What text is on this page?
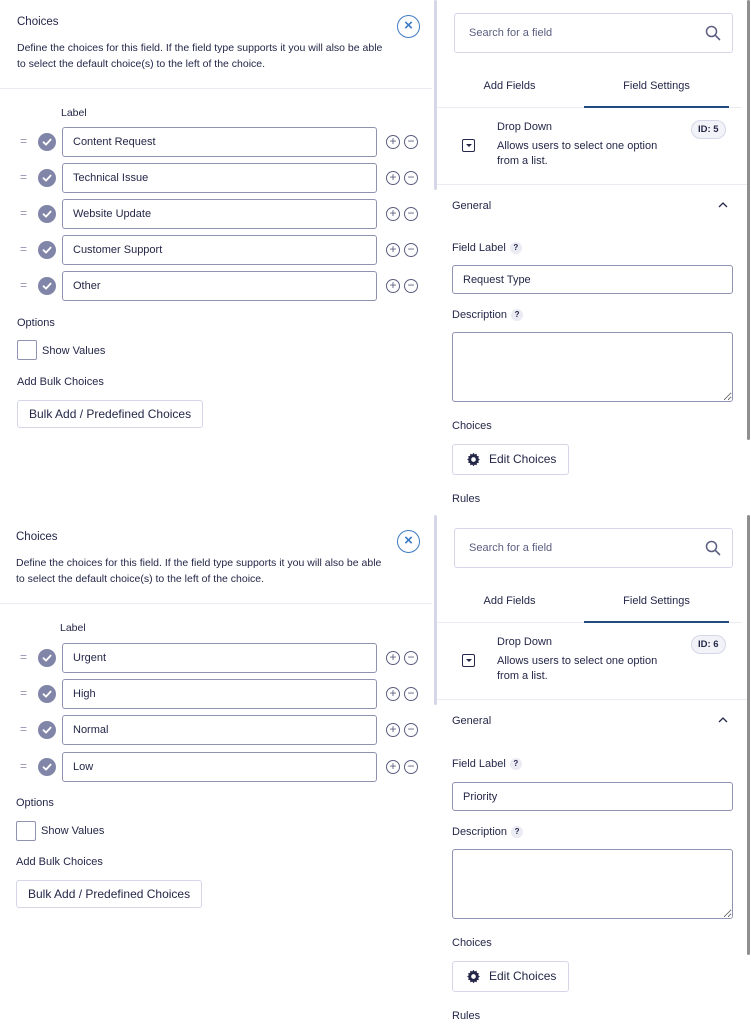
Choices
Define the choices for this field. If the field type supports it you will also be able to select the default choice(s) to the left of the choice.
×
Label
=
Content Request	+ −
=
Technical Issue	+ −
=
Website Update	+ −
=
Customer Support	+ −
=
Other	+ −
Options
Show Values
Add Bulk Choices
Bulk Add / Predefined Choices
Search for a field
Add Fields	Field Settings
Drop Down
Allows users to select one option from a list.
ID: 5
General
Field Label ?
Request Type
Description ?
Choices
Edit Choices
Rules
Choices
Define the choices for this field. If the field type supports it you will also be able to select the default choice(s) to the left of the choice.
×
Label
=
Urgent	+ −
=
High	+ −
=
Normal	+ −
=
Low	+ −
Options
Show Values
Add Bulk Choices
Bulk Add / Predefined Choices
Search for a field
Add Fields	Field Settings
Drop Down
Allows users to select one option from a list.
ID: 6
General
Field Label ?
Priority
Description ?
Choices
Edit Choices
Rules
